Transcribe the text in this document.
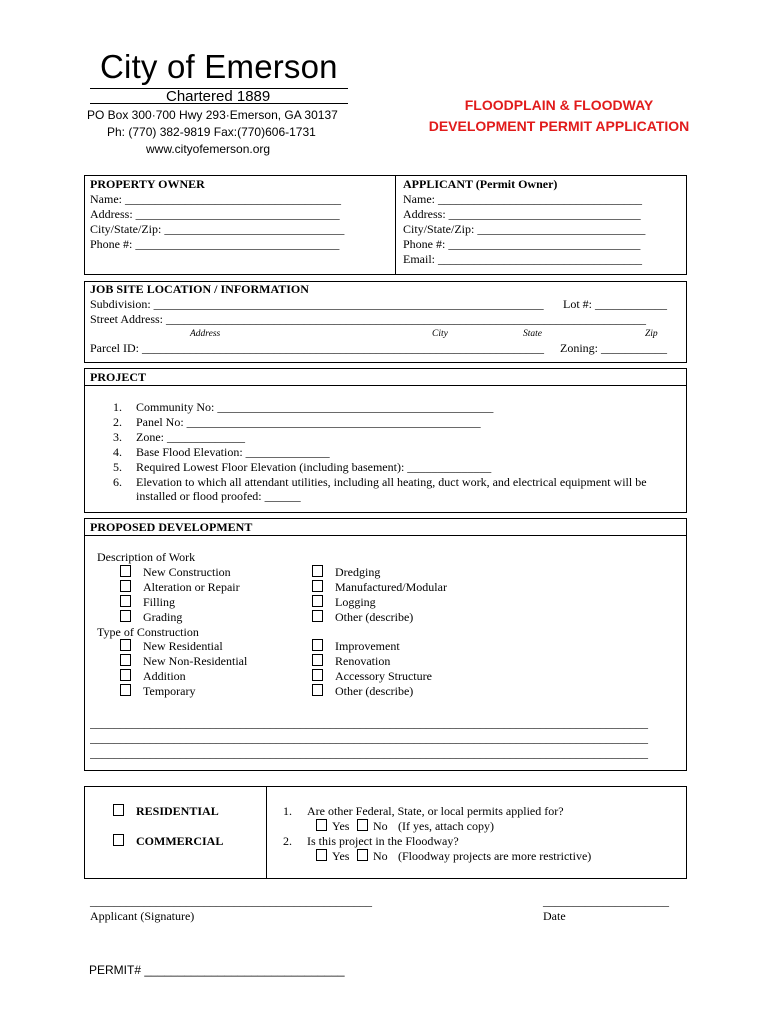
City of Emerson
Chartered 1889
PO Box 300·700 Hwy 293·Emerson, GA 30137
Ph: (770) 382-9819 Fax:(770)606-1731
www.cityofemerson.org
FLOODPLAIN & FLOODWAY
DEVELOPMENT PERMIT APPLICATION
PROPERTY OWNER
Name: ____________________________________
Address: __________________________________
City/State/Zip: ______________________________
Phone #: __________________________________
APPLICANT (Permit Owner)
Name: __________________________________
Address: ________________________________
City/State/Zip: ____________________________
Phone #: ________________________________
Email: __________________________________
JOB SITE LOCATION / INFORMATION
Subdivision: _________________________________________________________________ Lot #: ____________
Street Address: ________________________________________________________________________________
Address	City	State	Zip
Parcel ID: ___________________________________________________________________ Zoning: ___________
PROJECT
1. Community No: ______________________________________________
2. Panel No: _________________________________________________
3. Zone: _____________
4. Base Flood Elevation: ______________
5. Required Lowest Floor Elevation (including basement): ______________
6. Elevation to which all attendant utilities, including all heating, duct work, and electrical equipment will be
installed or flood proofed: ______
PROPOSED DEVELOPMENT
Description of Work
New Construction
Alteration or Repair
Filling
Grading
Dredging
Manufactured/Modular
Logging
Other (describe)
Type of Construction
New Residential
New Non-Residential
Addition
Temporary
Improvement
Renovation
Accessory Structure
Other (describe)
_____________________________________________________________________________________________
_____________________________________________________________________________________________
_____________________________________________________________________________________________
RESIDENTIAL
COMMERCIAL
1. Are other Federal, State, or local permits applied for?
Yes No (If yes, attach copy)
2. Is this project in the Floodway?
Yes No (Floodway projects are more restrictive)
_______________________________________________
Applicant (Signature)
_____________________
Date
PERMIT# ______________________________
